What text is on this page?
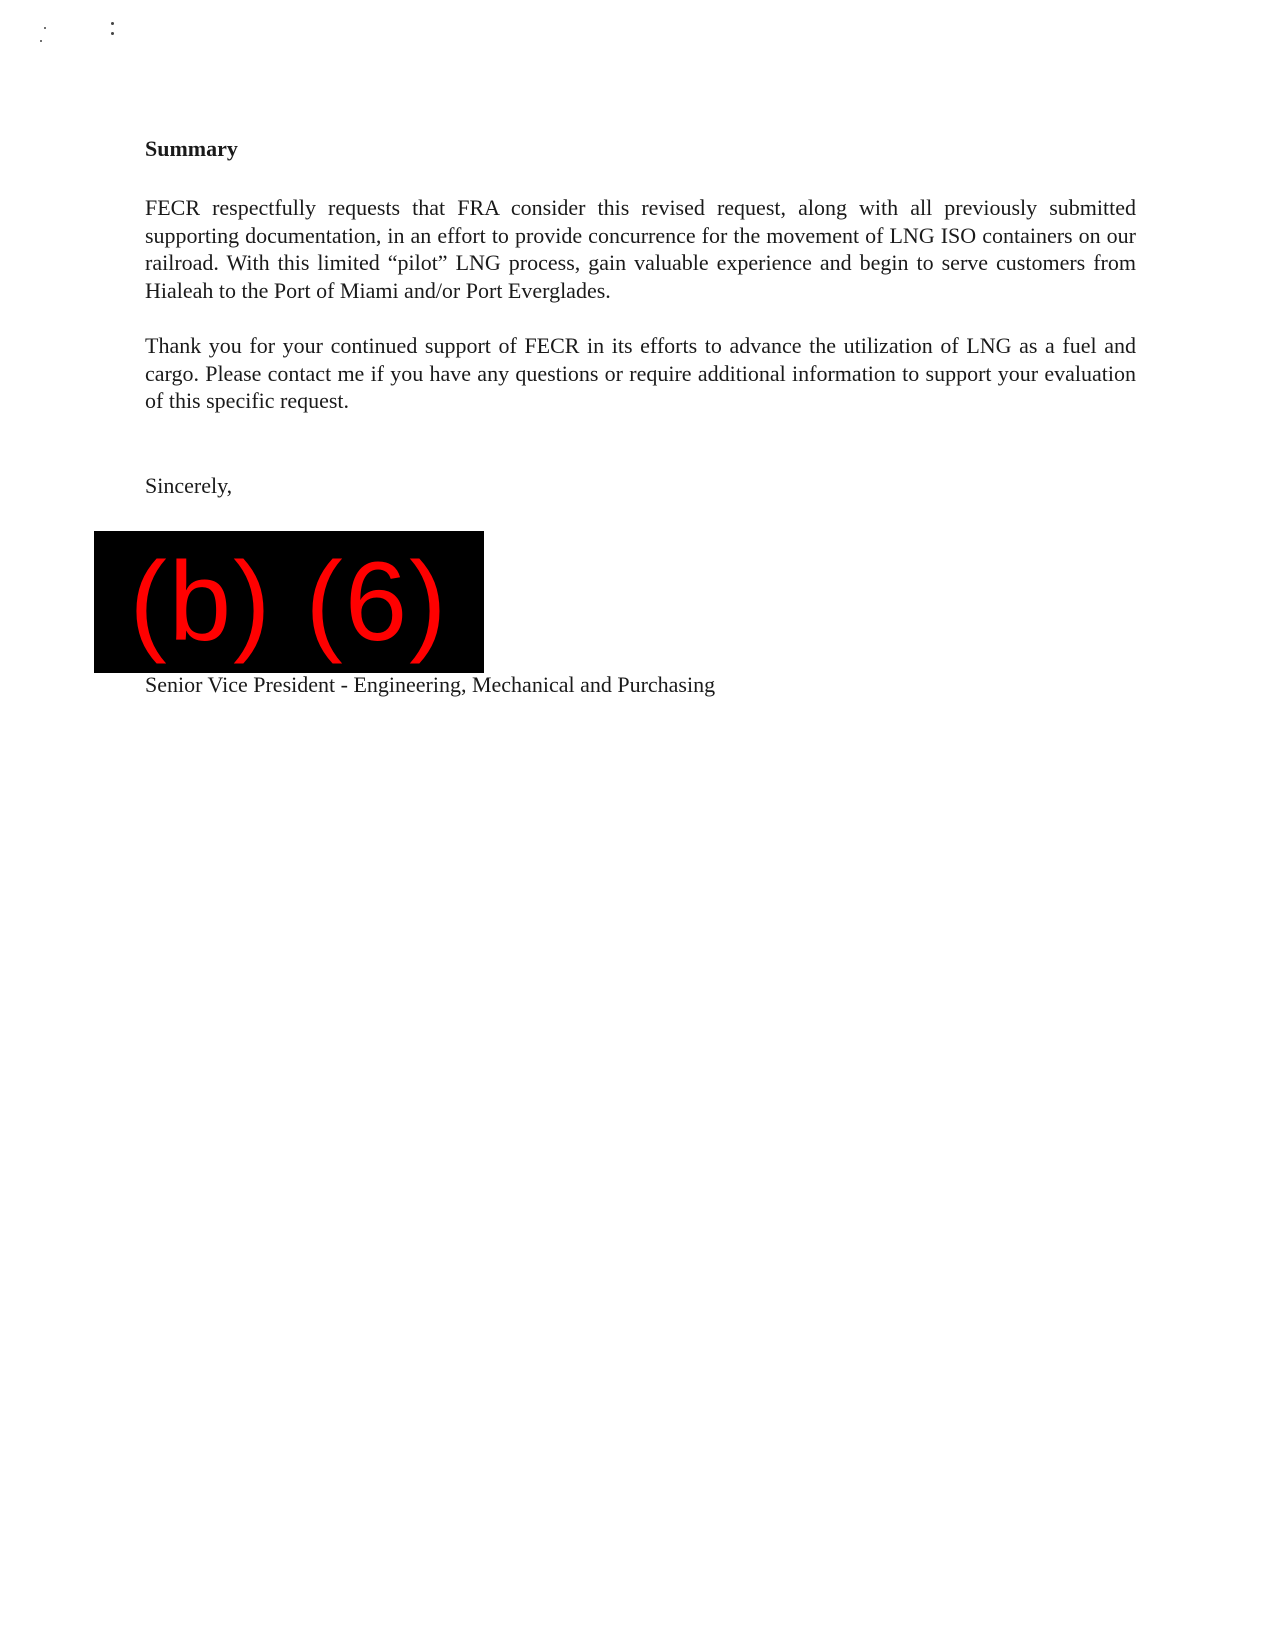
Summary

FECR respectfully requests that FRA consider this revised request, along with all previously submitted supporting documentation, in an effort to provide concurrence for the movement of LNG ISO containers on our railroad. With this limited “pilot” LNG process, gain valuable experience and begin to serve customers from Hialeah to the Port of Miami and/or Port Everglades.

Thank you for your continued support of FECR in its efforts to advance the utilization of LNG as a fuel and cargo. Please contact me if you have any questions or require additional information to support your evaluation of this specific request.

Sincerely,

(b) (6)

Senior Vice President - Engineering, Mechanical and Purchasing
